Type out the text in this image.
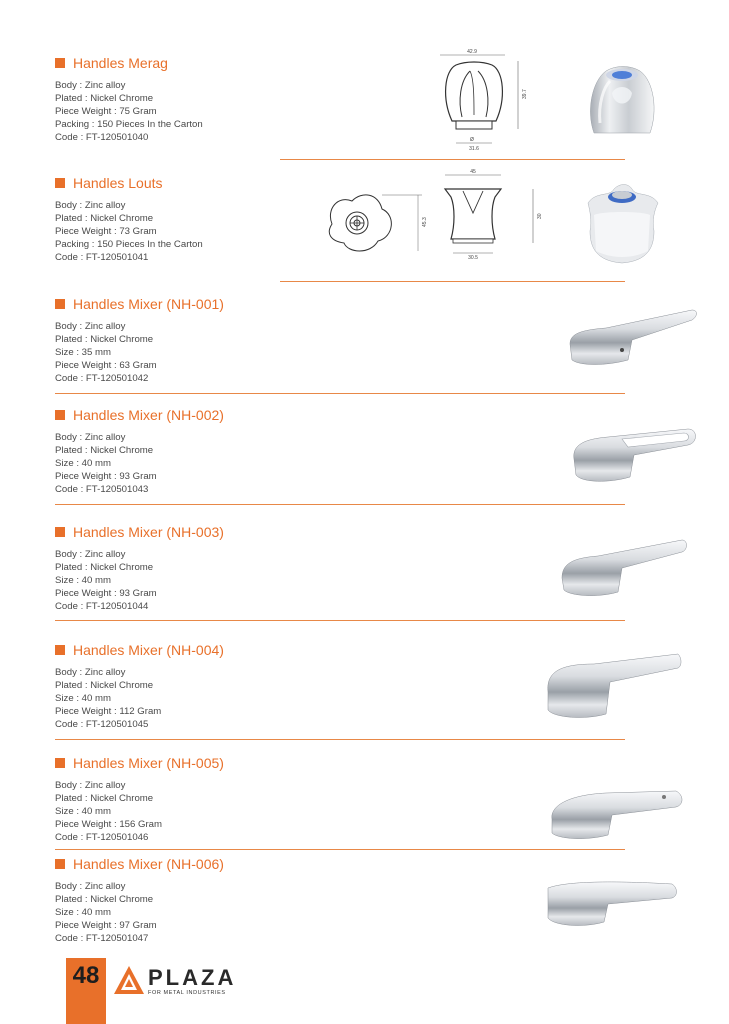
Handles Merag
Body : Zinc alloy
Plated : Nickel Chrome
Piece Weight : 75 Gram
Packing : 150 Pieces In the Carton
Code : FT-120501040
42.9
39.7
Ø
31.6
Handles Louts
Body : Zinc alloy
Plated : Nickel Chrome
Piece Weight : 73 Gram
Packing : 150 Pieces In the Carton
Code : FT-120501041
45.3
45
30
30.5
Handles Mixer (NH-001)
Body : Zinc alloy
Plated : Nickel Chrome
Size : 35 mm
Piece Weight : 63 Gram
Code : FT-120501042
Handles Mixer (NH-002)
Body : Zinc alloy
Plated : Nickel Chrome
Size : 40 mm
Piece Weight : 93 Gram
Code : FT-120501043
Handles Mixer (NH-003)
Body : Zinc alloy
Plated : Nickel Chrome
Size : 40 mm
Piece Weight : 93 Gram
Code : FT-120501044
Handles Mixer (NH-004)
Body : Zinc alloy
Plated : Nickel Chrome
Size : 40 mm
Piece Weight : 112 Gram
Code : FT-120501045
Handles Mixer (NH-005)
Body : Zinc alloy
Plated : Nickel Chrome
Size : 40 mm
Piece Weight : 156 Gram
Code : FT-120501046
Handles Mixer (NH-006)
Body : Zinc alloy
Plated : Nickel Chrome
Size : 40 mm
Piece Weight : 97 Gram
Code : FT-120501047
48	PLAZA
FOR METAL INDUSTRIES
